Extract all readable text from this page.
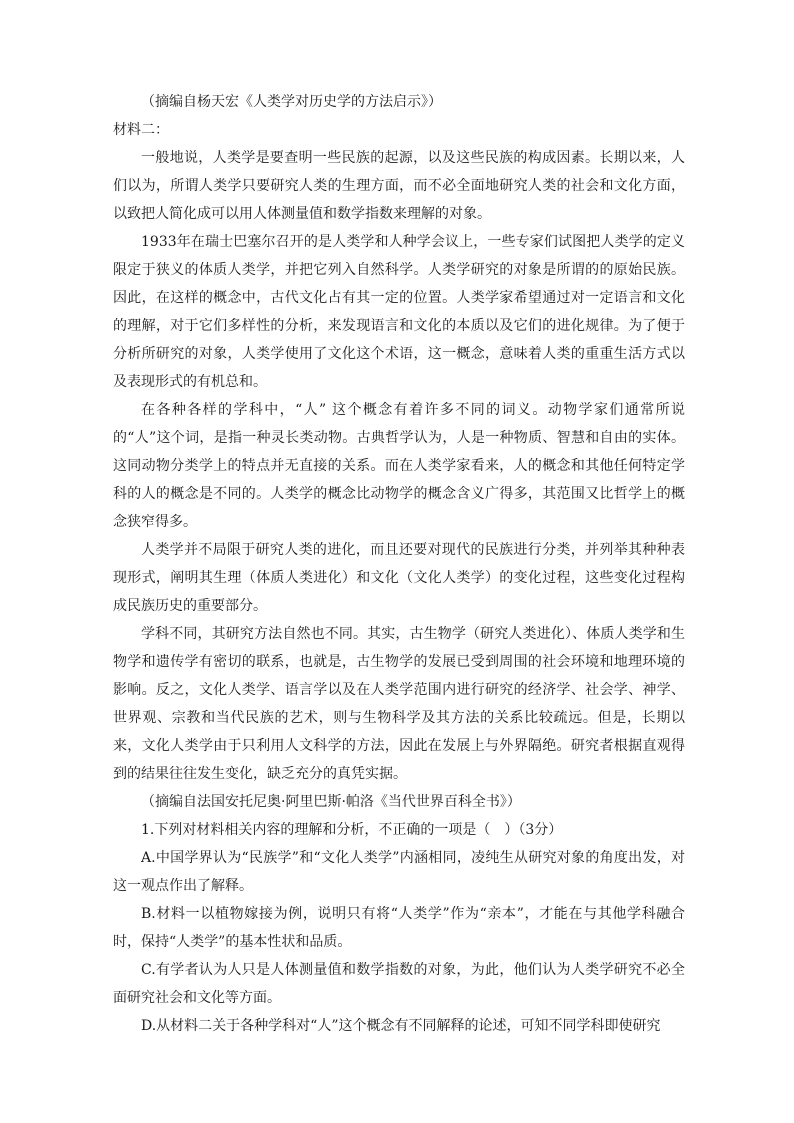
（摘编自杨天宏《人类学对历史学的方法启示》）

材料二：

一般地说，人类学是要查明一些民族的起源，以及这些民族的构成因素。长期以来，人们以为，所谓人类学只要研究人类的生理方面，而不必全面地研究人类的社会和文化方面，以致把人简化成可以用人体测量值和数学指数来理解的对象。

1933年在瑞士巴塞尔召开的是人类学和人种学会议上，一些专家们试图把人类学的定义限定于狭义的体质人类学，并把它列入自然科学。人类学研究的对象是所谓的的原始民族。因此，在这样的概念中，古代文化占有其一定的位置。人类学家希望通过对一定语言和文化的理解，对于它们多样性的分析，来发现语言和文化的本质以及它们的进化规律。为了便于分析所研究的对象，人类学使用了文化这个术语，这一概念，意味着人类的重重生活方式以及表现形式的有机总和。

在各种各样的学科中，“人” 这个概念有着许多不同的词义。动物学家们通常所说的“人”这个词，是指一种灵长类动物。古典哲学认为，人是一种物质、智慧和自由的实体。这同动物分类学上的特点并无直接的关系。而在人类学家看来，人的概念和其他任何特定学科的人的概念是不同的。人类学的概念比动物学的概念含义广得多，其范围又比哲学上的概念狭窄得多。

人类学并不局限于研究人类的进化，而且还要对现代的民族进行分类，并列举其种种表现形式，阐明其生理（体质人类进化）和文化（文化人类学）的变化过程，这些变化过程构成民族历史的重要部分。

学科不同，其研究方法自然也不同。其实，古生物学（研究人类进化）、体质人类学和生物学和遗传学有密切的联系，也就是，古生物学的发展已受到周围的社会环境和地理环境的影响。反之，文化人类学、语言学以及在人类学范围内进行研究的经济学、社会学、神学、世界观、宗教和当代民族的艺术，则与生物科学及其方法的关系比较疏远。但是，长期以来，文化人类学由于只利用人文科学的方法，因此在发展上与外界隔绝。研究者根据直观得到的结果往往发生变化，缺乏充分的真凭实据。

（摘编自法国安托尼奥·阿里巴斯·帕洛《当代世界百科全书》）

1.下列对材料相关内容的理解和分析，不正确的一项是（　）（3分）

A.中国学界认为“民族学”和“文化人类学”内涵相同，凌纯生从研究对象的角度出发，对这一观点作出了解释。

B.材料一以植物嫁接为例，说明只有将“人类学”作为“亲本”，才能在与其他学科融合时，保持“人类学”的基本性状和品质。

C.有学者认为人只是人体测量值和数学指数的对象，为此，他们认为人类学研究不必全面研究社会和文化等方面。

D.从材料二关于各种学科对“人”这个概念有不同解释的论述，可知不同学科即使研究
